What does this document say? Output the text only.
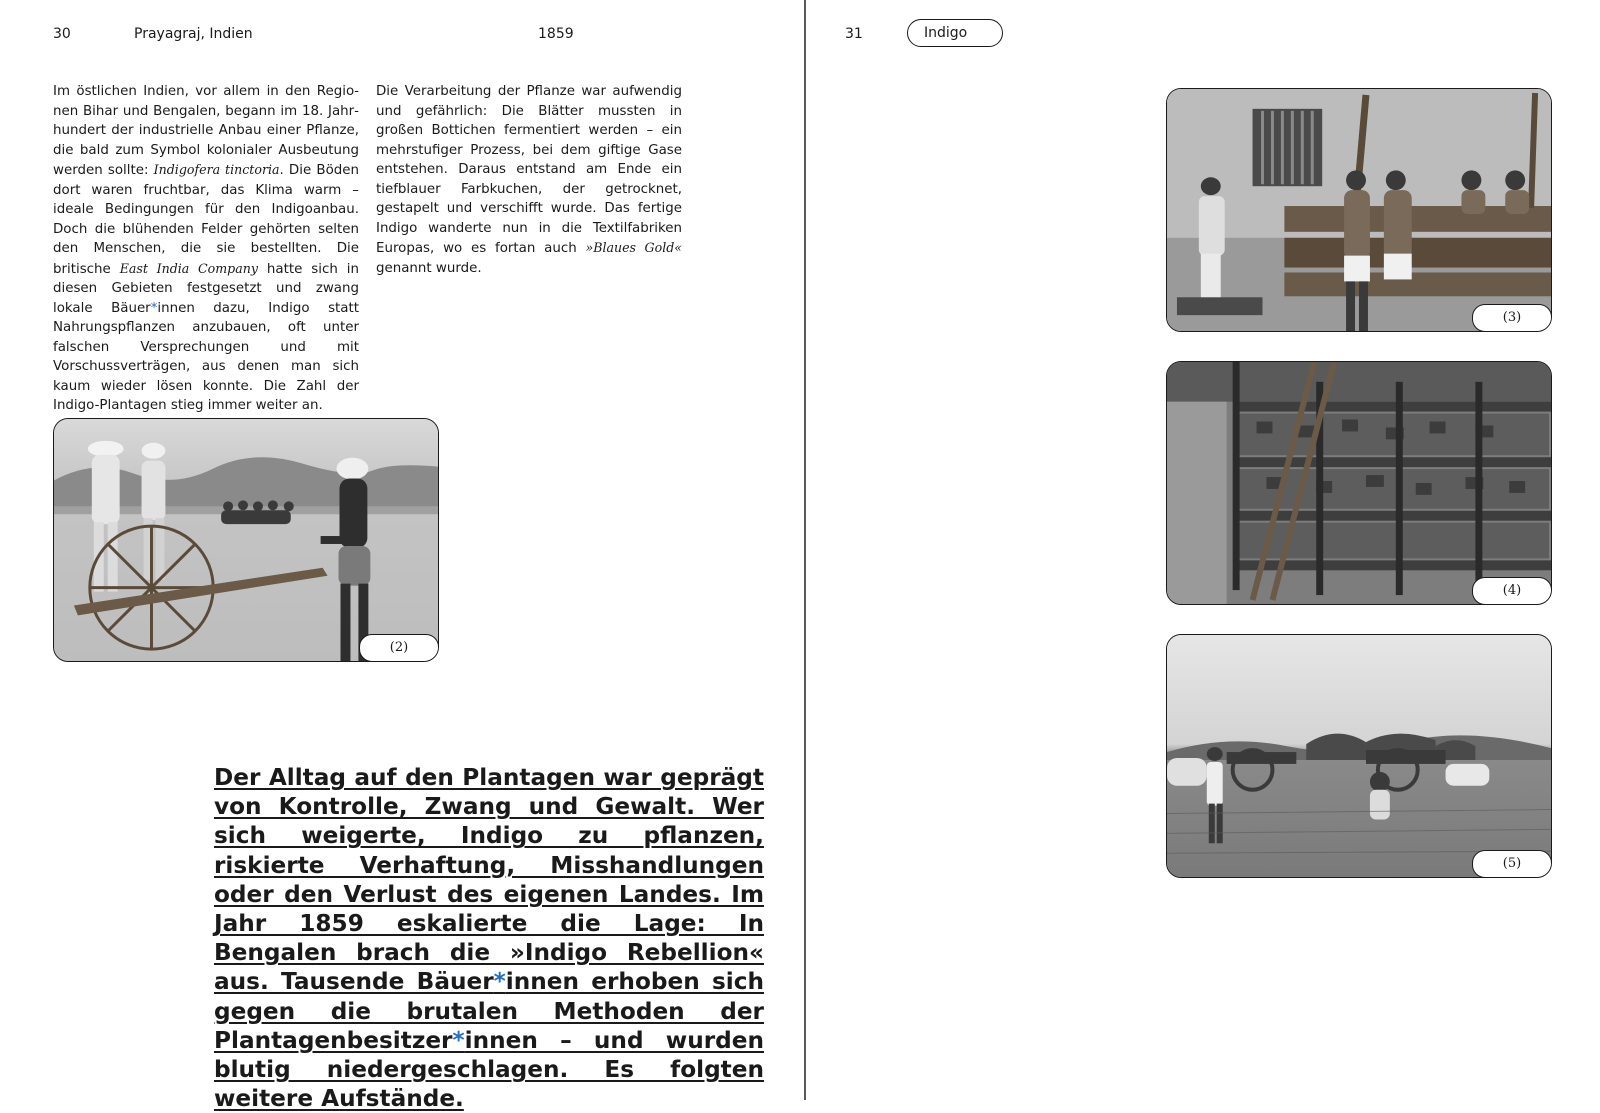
30	Prayagraj, Indien	1859	31	Indigo
Im östlichen Indien, vor allem in den Regionen Bihar und Bengalen, begann im 18. Jahrhundert der industrielle Anbau einer Pflanze, die bald zum Symbol kolonialer Ausbeutung werden sollte: Indigofera tinctoria. Die Böden dort waren fruchtbar, das Klima warm – ideale Bedingungen für den Indigoanbau. Doch die blühenden Felder gehörten selten den Menschen, die sie bestellten. Die britische East India Company hatte sich in diesen Gebieten festgesetzt und zwang lokale Bäuer*innen dazu, Indigo statt Nahrungspflanzen anzubauen, oft unter falschen Versprechungen und mit Vorschussverträgen, aus denen man sich kaum wieder lösen konnte. Die Zahl der Indigo-Plantagen stieg immer weiter an.
Die Verarbeitung der Pflanze war aufwendig und gefährlich: Die Blätter mussten in großen Bottichen fermentiert werden – ein mehrstufiger Prozess, bei dem giftige Gase entstehen. Daraus entstand am Ende ein tiefblauer Farbkuchen, der getrocknet, gestapelt und verschifft wurde. Das fertige Indigo wanderte nun in die Textilfabriken Europas, wo es fortan auch »Blaues Gold« genannt wurde.
(2)
(3)
(4)
(5)
Der Alltag auf den Plantagen war geprägt von Kontrolle, Zwang und Gewalt. Wer sich weigerte, Indigo zu pflanzen, riskierte Verhaftung, Misshandlungen oder den Verlust des eigenen Landes. Im Jahr 1859 eskalierte die Lage: In Bengalen brach die »Indigo Rebellion« aus. Tausende Bäuer*innen erhoben sich gegen die brutalen Methoden der Plantagenbesitzer*innen – und wurden blutig niedergeschlagen. Es folgten weitere Aufstände.
